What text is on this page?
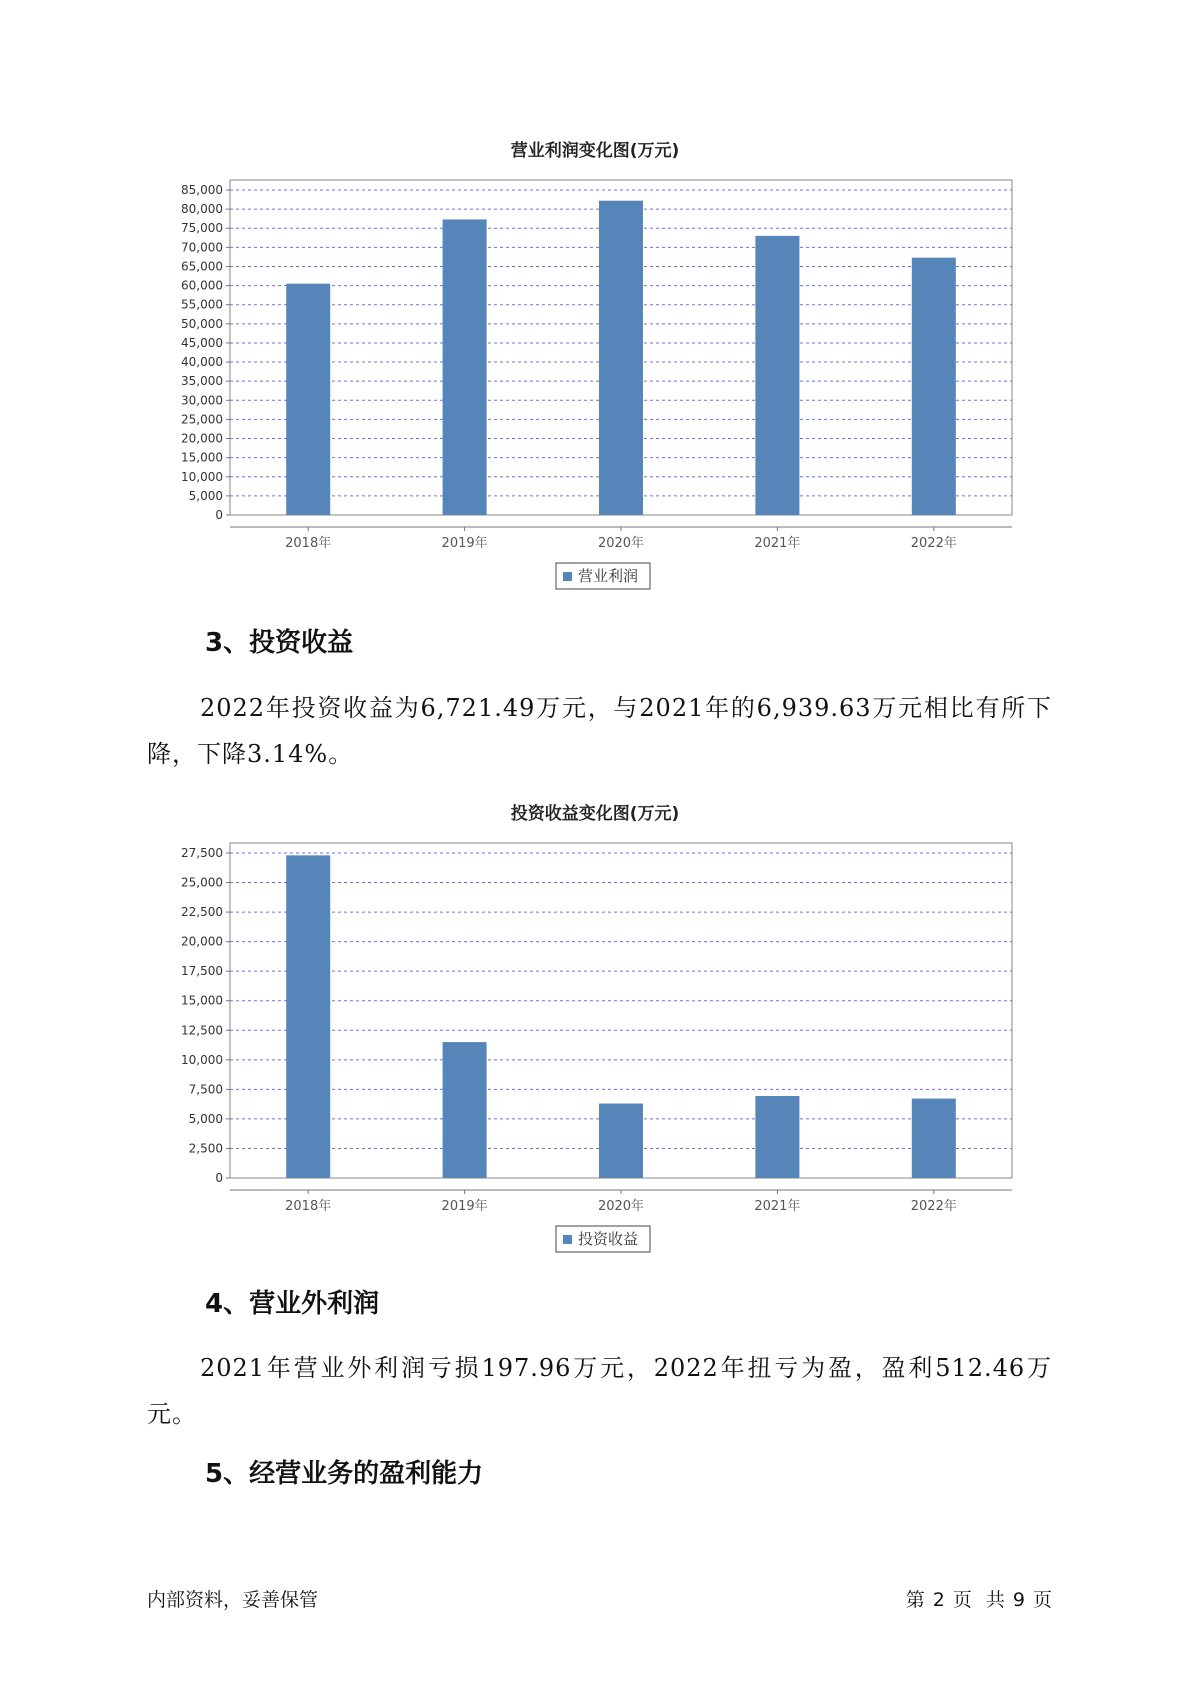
营业利润变化图(万元)
0
5,000
10,000
15,000
20,000
25,000
30,000
35,000
40,000
45,000
50,000
55,000
60,000
65,000
70,000
75,000
80,000
85,000
2018年	2019年	2020年	2021年	2022年
营业利润
3、投资收益

2022年投资收益为6,721.49万元，与2021年的6,939.63万元相比有所下降，下降3.14%。

投资收益变化图(万元)
0
2,500
5,000
7,500
10,000
12,500
15,000
17,500
20,000
22,500
25,000
27,500
2018年	2019年	2020年	2021年	2022年
投资收益
4、营业外利润

2021年营业外利润亏损197.96万元，2022年扭亏为盈，盈利512.46万元。

5、经营业务的盈利能力
内部资料，妥善保管	第 2 页 共 9 页
